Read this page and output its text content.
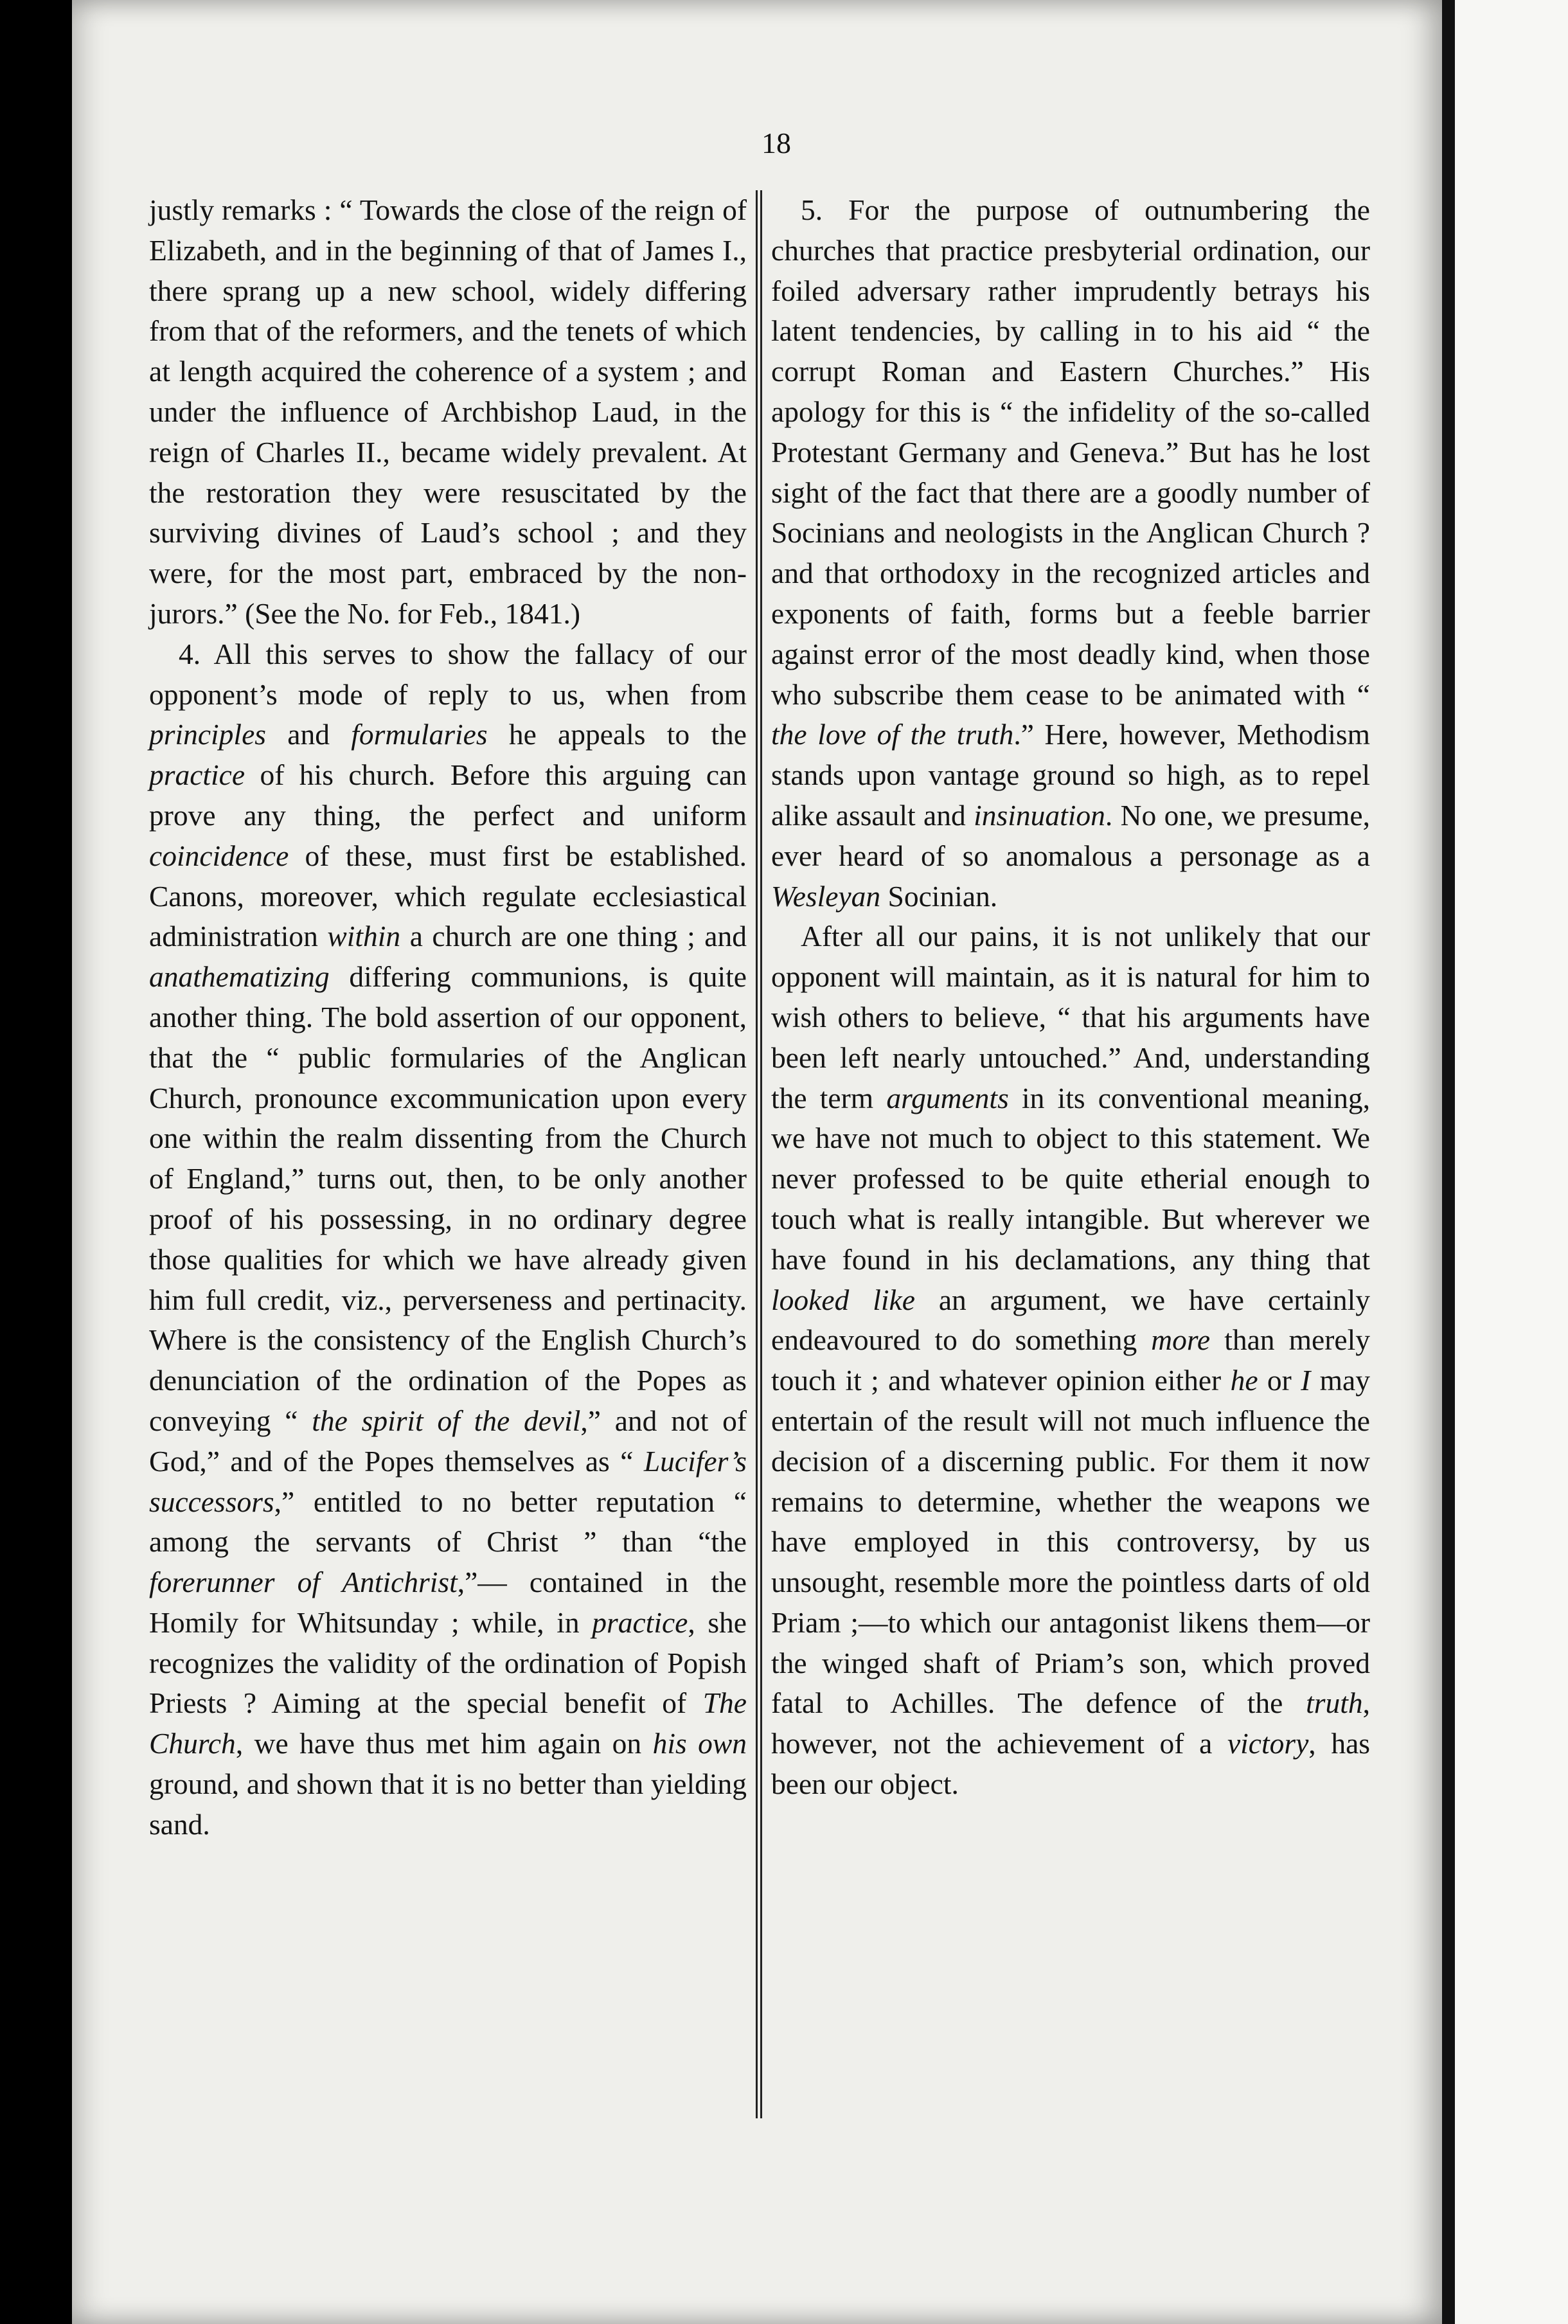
18

justly remarks : “ Towards the close of the reign of Elizabeth, and in the beginning of that of James I., there sprang up a new school, widely differing from that of the reformers, and the tenets of which at length acquired the coherence of a system ; and under the influence of Archbishop Laud, in the reign of Charles II., became widely prevalent. At the restoration they were resuscitated by the surviving divines of Laud’s school ; and they were, for the most part, embraced by the non-jurors.” (See the No. for Feb., 1841.)

4. All this serves to show the fallacy of our opponent’s mode of reply to us, when from principles and formularies he appeals to the practice of his church. Before this arguing can prove any thing, the perfect and uniform coincidence of these, must first be established. Canons, moreover, which regulate ecclesiastical administration within a church are one thing ; and anathematizing differing communions, is quite another thing. The bold assertion of our opponent, that the “ public formularies of the Anglican Church, pronounce excommunication upon every one within the realm dissenting from the Church of England,” turns out, then, to be only another proof of his possessing, in no ordinary degree those qualities for which we have already given him full credit, viz., perverseness and pertinacity. Where is the consistency of the English Church’s denunciation of the ordination of the Popes as conveying “ the spirit of the devil,” and not of God,” and of the Popes themselves as “ Lucifer’s successors,” entitled to no better reputation “ among the servants of Christ ” than “the forerunner of Antichrist,”— contained in the Homily for Whitsunday ; while, in practice, she recognizes the validity of the ordination of Popish Priests ? Aiming at the special benefit of The Church, we have thus met him again on his own ground, and shown that it is no better than yielding sand.

5. For the purpose of outnumbering the churches that practice presbyterial ordination, our foiled adversary rather imprudently betrays his latent tendencies, by calling in to his aid “ the corrupt Roman and Eastern Churches.” His apology for this is “ the infidelity of the so-called Protestant Germany and Geneva.” But has he lost sight of the fact that there are a goodly number of Socinians and neologists in the Anglican Church ? and that orthodoxy in the recognized articles and exponents of faith, forms but a feeble barrier against error of the most deadly kind, when those who subscribe them cease to be animated with “ the love of the truth.” Here, however, Methodism stands upon vantage ground so high, as to repel alike assault and insinuation. No one, we presume, ever heard of so anomalous a personage as a Wesleyan Socinian.

After all our pains, it is not unlikely that our opponent will maintain, as it is natural for him to wish others to believe, “ that his arguments have been left nearly untouched.” And, understanding the term arguments in its conventional meaning, we have not much to object to this statement. We never professed to be quite etherial enough to touch what is really intangible. But wherever we have found in his declamations, any thing that looked like an argument, we have certainly endeavoured to do something more than merely touch it ; and whatever opinion either he or I may entertain of the result will not much influence the decision of a discerning public. For them it now remains to determine, whether the weapons we have employed in this controversy, by us unsought, resemble more the pointless darts of old Priam ;—to which our antagonist likens them—or the winged shaft of Priam’s son, which proved fatal to Achilles. The defence of the truth, however, not the achievement of a victory, has been our object.
